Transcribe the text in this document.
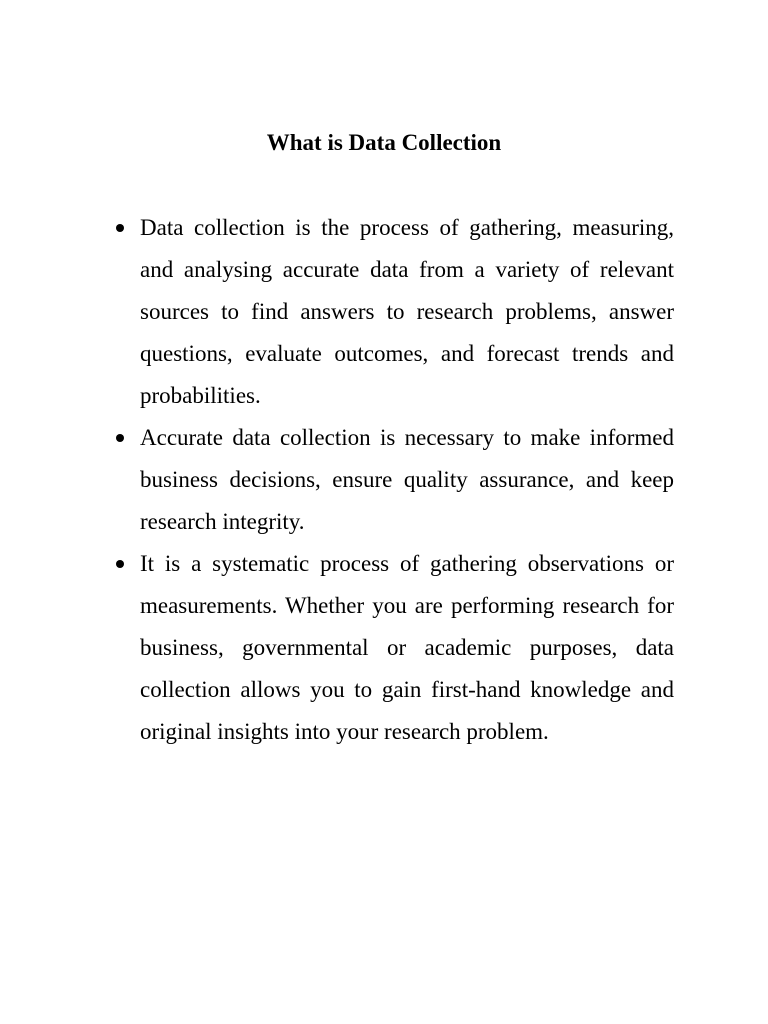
What is Data Collection
Data collection is the process of gathering, measuring, and analysing accurate data from a variety of relevant sources to find answers to research problems, answer questions, evaluate outcomes, and forecast trends and probabilities.
Accurate data collection is necessary to make informed business decisions, ensure quality assurance, and keep research integrity.
It is a systematic process of gathering observations or measurements. Whether you are performing research for business, governmental or academic purposes, data collection allows you to gain first-hand knowledge and original insights into your research problem.
